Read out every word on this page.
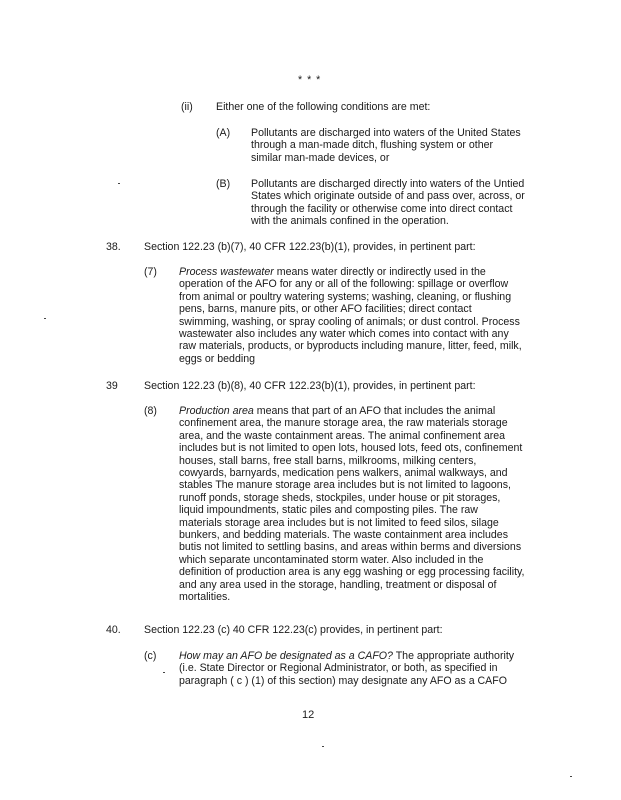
* * *
(ii) Either one of the following conditions are met:
(A) Pollutants are discharged into waters of the United States
through a man-made ditch, flushing system or other
similar man-made devices, or
(B) Pollutants are discharged directly into waters of the Untied
States which originate outside of and pass over, across, or
through the facility or otherwise come into direct contact
with the animals confined in the operation.
38. Section 122.23 (b)(7), 40 CFR 122.23(b)(1), provides, in pertinent part:
(7) Process wastewater means water directly or indirectly used in the
operation of the AFO for any or all of the following: spillage or overflow
from animal or poultry watering systems; washing, cleaning, or flushing
pens, barns, manure pits, or other AFO facilities; direct contact
swimming, washing, or spray cooling of animals; or dust control. Process
wastewater also includes any water which comes into contact with any
raw materials, products, or byproducts including manure, litter, feed, milk,
eggs or bedding
39 Section 122.23 (b)(8), 40 CFR 122.23(b)(1), provides, in pertinent part:
(8) Production area means that part of an AFO that includes the animal
confinement area, the manure storage area, the raw materials storage
area, and the waste containment areas. The animal confinement area
includes but is not limited to open lots, housed lots, feed ots, confinement
houses, stall barns, free stall barns, milkrooms, milking centers,
cowyards, barnyards, medication pens walkers, animal walkways, and
stables The manure storage area includes but is not limited to lagoons,
runoff ponds, storage sheds, stockpiles, under house or pit storages,
liquid impoundments, static piles and composting piles. The raw
materials storage area includes but is not limited to feed silos, silage
bunkers, and bedding materials. The waste containment area includes
butis not limited to settling basins, and areas within berms and diversions
which separate uncontaminated storm water. Also included in the
definition of production area is any egg washing or egg processing facility,
and any area used in the storage, handling, treatment or disposal of
mortalities.
40. Section 122.23 (c) 40 CFR 122.23(c) provides, in pertinent part:
(c) How may an AFO be designated as a CAFO? The appropriate authority
(i.e. State Director or Regional Administrator, or both, as specified in
paragraph ( c ) (1) of this section) may designate any AFO as a CAFO
12
